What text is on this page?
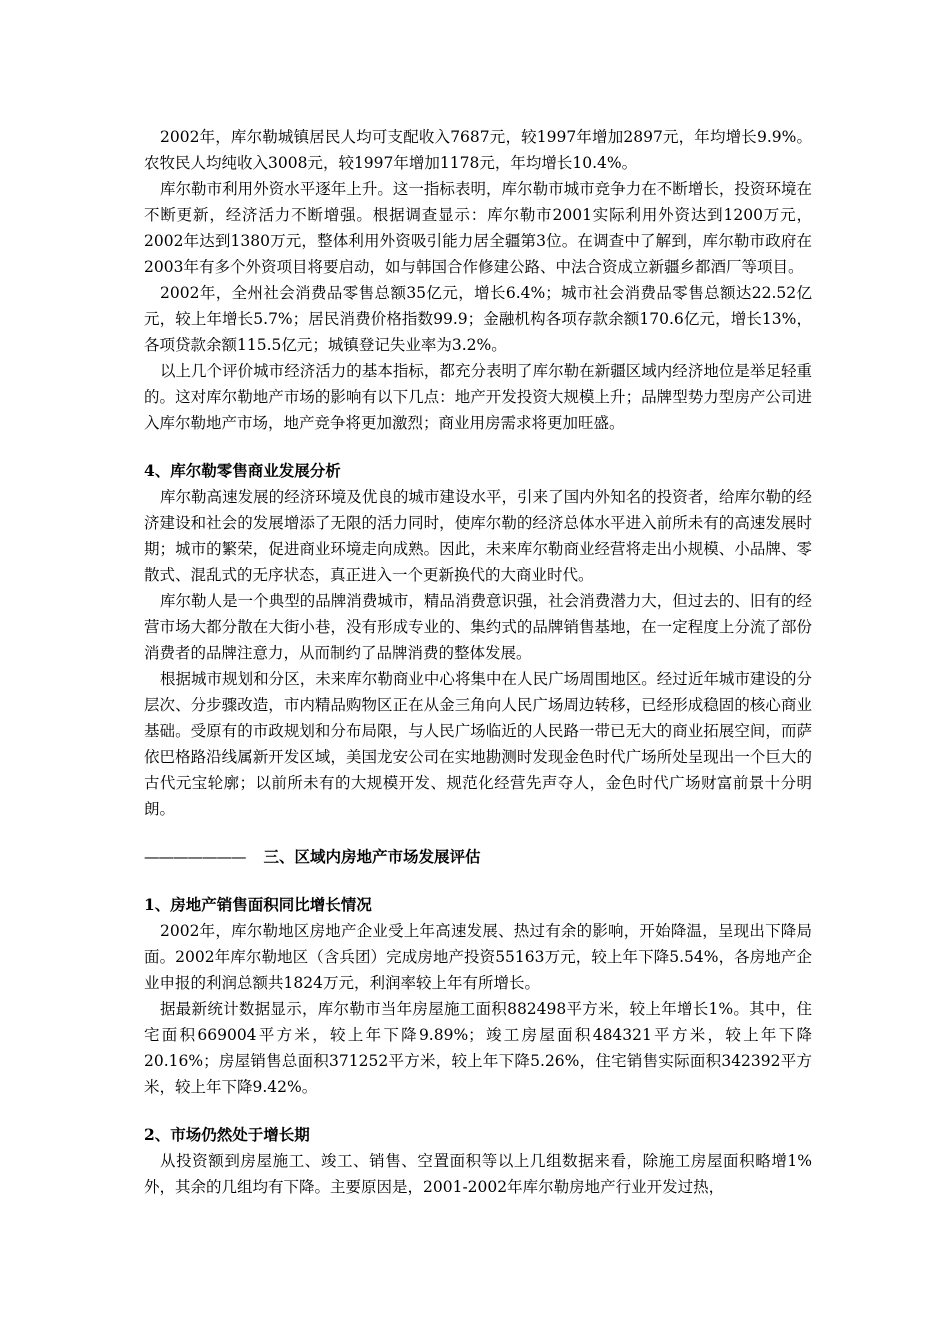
2002年，库尔勒城镇居民人均可支配收入7687元，较1997年增加2897元，年均增长9.9%。农牧民人均纯收入3008元，较1997年增加1178元，年均增长10.4%。

库尔勒市利用外资水平逐年上升。这一指标表明，库尔勒市城市竞争力在不断增长，投资环境在不断更新，经济活力不断增强。根据调查显示：库尔勒市2001实际利用外资达到1200万元，2002年达到1380万元，整体利用外资吸引能力居全疆第3位。在调查中了解到，库尔勒市政府在2003年有多个外资项目将要启动，如与韩国合作修建公路、中法合资成立新疆乡都酒厂等项目。

2002年，全州社会消费品零售总额35亿元，增长6.4%；城市社会消费品零售总额达22.52亿元，较上年增长5.7%；居民消费价格指数99.9；金融机构各项存款余额170.6亿元，增长13%，各项贷款余额115.5亿元；城镇登记失业率为3.2%。

以上几个评价城市经济活力的基本指标，都充分表明了库尔勒在新疆区域内经济地位是举足轻重的。这对库尔勒地产市场的影响有以下几点：地产开发投资大规模上升；品牌型势力型房产公司进入库尔勒地产市场，地产竞争将更加激烈；商业用房需求将更加旺盛。

4、库尔勒零售商业发展分析

库尔勒高速发展的经济环境及优良的城市建设水平，引来了国内外知名的投资者，给库尔勒的经济建设和社会的发展增添了无限的活力同时，使库尔勒的经济总体水平进入前所未有的高速发展时期；城市的繁荣，促进商业环境走向成熟。因此，未来库尔勒商业经营将走出小规模、小品牌、零散式、混乱式的无序状态，真正进入一个更新换代的大商业时代。

库尔勒人是一个典型的品牌消费城市，精品消费意识强，社会消费潜力大，但过去的、旧有的经营市场大都分散在大街小巷，没有形成专业的、集约式的品牌销售基地，在一定程度上分流了部份消费者的品牌注意力，从而制约了品牌消费的整体发展。

根据城市规划和分区，未来库尔勒商业中心将集中在人民广场周围地区。经过近年城市建设的分层次、分步骤改造，市内精品购物区正在从金三角向人民广场周边转移，已经形成稳固的核心商业基础。受原有的市政规划和分布局限，与人民广场临近的人民路一带已无大的商业拓展空间，而萨依巴格路沿线属新开发区域，美国龙安公司在实地勘测时发现金色时代广场所处呈现出一个巨大的古代元宝轮廓；以前所未有的大规模开发、规范化经营先声夺人，金色时代广场财富前景十分明朗。

——————— 三、区域内房地产市场发展评估
1、房地产销售面积同比增长情况

2002年，库尔勒地区房地产企业受上年高速发展、热过有余的影响，开始降温，呈现出下降局面。2002年库尔勒地区（含兵团）完成房地产投资55163万元，较上年下降5.54%，各房地产企业申报的利润总额共1824万元，利润率较上年有所增长。

据最新统计数据显示，库尔勒市当年房屋施工面积882498平方米，较上年增长1%。其中，住宅面积669004平方米，较上年下降9.89%；竣工房屋面积484321平方米，较上年下降20.16%；房屋销售总面积371252平方米，较上年下降5.26%，住宅销售实际面积342392平方米，较上年下降9.42%。

2、市场仍然处于增长期

从投资额到房屋施工、竣工、销售、空置面积等以上几组数据来看，除施工房屋面积略增1%外，其余的几组均有下降。主要原因是，2001-2002年库尔勒房地产行业开发过热，
